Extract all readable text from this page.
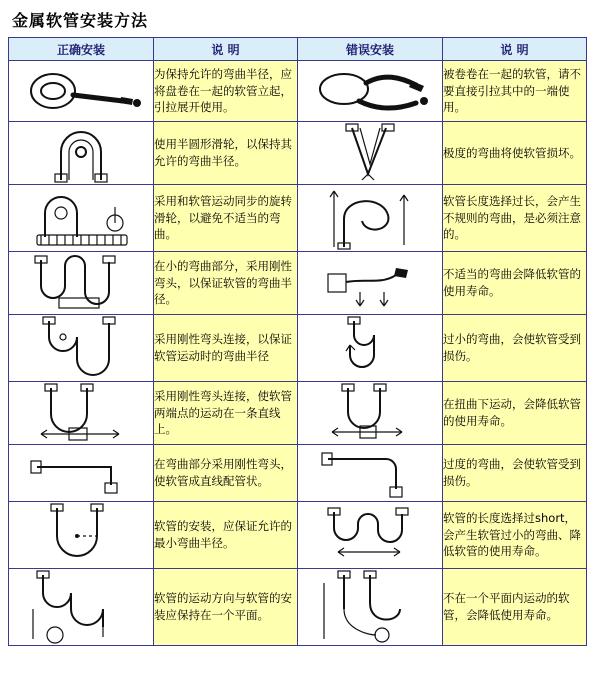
金属软管安装方法
正确安装	说 明	错误安装	说 明

	为保持允许的弯曲半径，应将盘卷在一起的软管立起，引拉展开使用。		被卷卷在一起的软管，请不要直接引拉其中的一端使用。

	使用半圆形滑轮，以保持其允许的弯曲半径。		极度的弯曲将使软管损坏。

	采用和软管运动同步的旋转滑轮，以避免不适当的弯曲。		软管长度选择过长，会产生不规则的弯曲，是必须注意的。

	在小的弯曲部分，采用刚性弯头，以保证软管的弯曲半径。		不适当的弯曲会降低软管的使用寿命。

	采用刚性弯头连接，以保证软管运动时的弯曲半径		过小的弯曲，会使软管受到损伤。

	采用刚性弯头连接，使软管两端点的运动在一条直线上。		在扭曲下运动，会降低软管的使用寿命。

	在弯曲部分采用刚性弯头，使软管成直线配管状。		过度的弯曲，会使软管受到损伤。

	软管的安装，应保证允许的最小弯曲半径。		软管的长度选择过short，会产生软管过小的弯曲、降低软管的使用寿命。

	软管的运动方向与软管的安装应保持在一个平面。		不在一个平面内运动的软管，会降低使用寿命。
